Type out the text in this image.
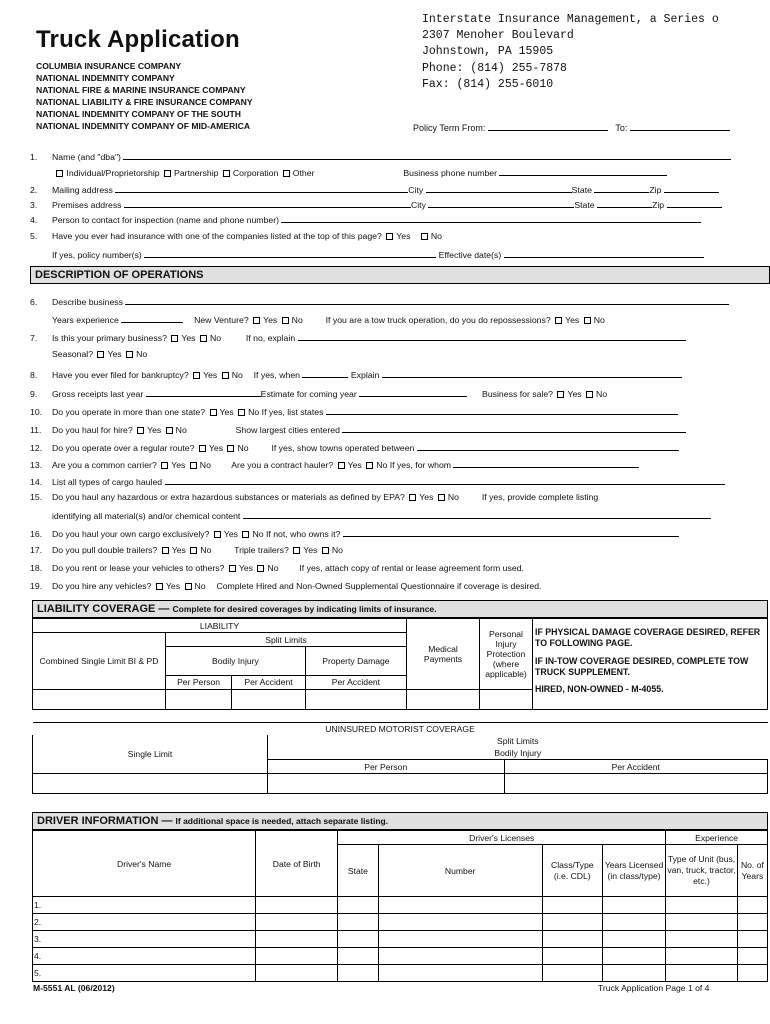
Truck Application
COLUMBIA INSURANCE COMPANY
NATIONAL INDEMNITY COMPANY
NATIONAL FIRE & MARINE INSURANCE COMPANY
NATIONAL LIABILITY & FIRE INSURANCE COMPANY
NATIONAL INDEMNITY COMPANY OF THE SOUTH
NATIONAL INDEMNITY COMPANY OF MID-AMERICA
Interstate Insurance Management, a Series o
2307 Menoher Boulevard
Johnstown, PA 15905
Phone: (814) 255-7878
Fax: (814) 255-6010
Policy Term From:	To:
1. Name (and "dba")
Individual/Proprietorship Partnership Corporation Other	Business phone number
2. Mailing address	City	State	Zip
3. Premises address	City	State	Zip
4. Person to contact for inspection (name and phone number)
5. Have you ever had insurance with one of the companies listed at the top of this page? Yes No
If yes, policy number(s)	Effective date(s)
DESCRIPTION OF OPERATIONS
6. Describe business
Years experience	New Venture? Yes No	If you are a tow truck operation, do you do repossessions? Yes No
7. Is this your primary business? Yes No	If no, explain
Seasonal? Yes No
8. Have you ever filed for bankruptcy? Yes No If yes, when	Explain
9. Gross receipts last year	Estimate for coming year	Business for sale? Yes No
10. Do you operate in more than one state? Yes No If yes, list states
11. Do you haul for hire? Yes No	Show largest cities entered
12. Do you operate over a regular route? Yes No	If yes, show towns operated between
13. Are you a common carrier? Yes No Are you a contract hauler? Yes No If yes, for whom
14. List all types of cargo hauled
15. Do you haul any hazardous or extra hazardous substances or materials as defined by EPA? Yes No	If yes, provide complete listing
identifying all material(s) and/or chemical content
16. Do you haul your own cargo exclusively? Yes No If not, who owns it?
17. Do you pull double trailers? Yes No	Triple trailers? Yes No
18. Do you rent or lease your vehicles to others? Yes No If yes, attach copy of rental or lease agreement form used.
19. Do you hire any vehicles? Yes No Complete Hired and Non-Owned Supplemental Questionnaire if coverage is desired.
LIABILITY COVERAGE — Complete for desired coverages by indicating limits of insurance.
LIABILITY				Medical Payments	Personal Injury Protection (where applicable)	IF PHYSICAL DAMAGE COVERAGE DESIRED, REFER TO FOLLOWING PAGE.
IF IN-TOW COVERAGE DESIRED, COMPLETE TOW TRUCK SUPPLEMENT.
HIRED, NON-OWNED - M-4055.

Combined Single Limit BI & PD	Split Limits					
	Bodily Injury		Property Damage			
	Per Person	Per Accident	Per Accident			

UNINSURED MOTORIST COVERAGE		
Single Limit	Split Limits	
	Bodily Injury	
	Per Person	Per Accident

DRIVER INFORMATION — If additional space is needed, attach separate listing.
Driver's Name	Date of Birth	Driver's Licenses				Experience	
		State	Number	Class/Type (i.e. CDL)	Years Licensed (in class/type)	Type of Unit (bus, van, truck, tractor, etc.)	No. of Years
1.							
2.							
3.							
4.							
5.							
M-5551 AL (06/2012)	Truck Application Page 1 of 4
